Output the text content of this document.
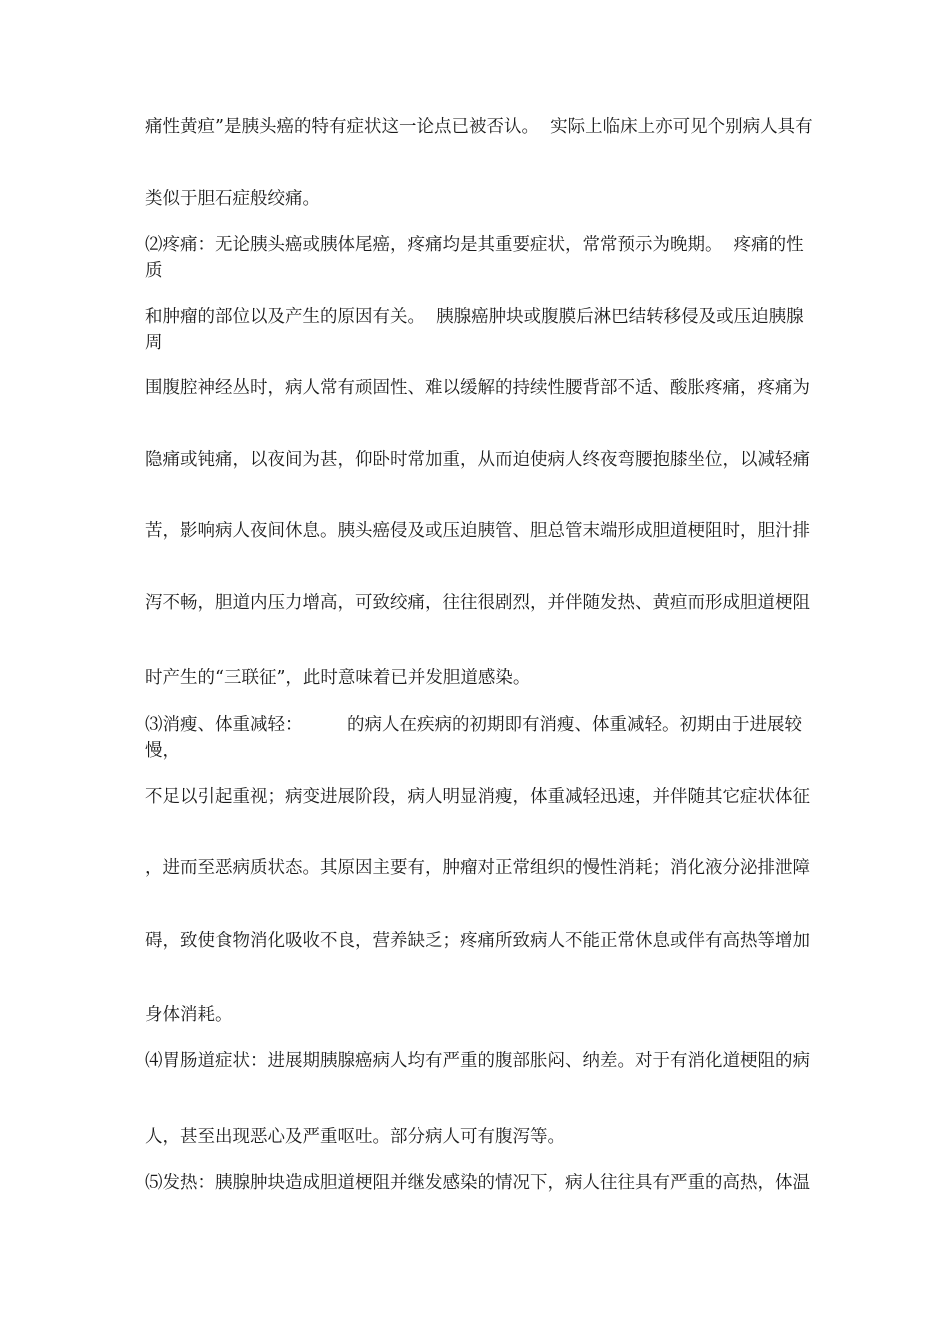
痛性黄疸”是胰头癌的特有症状这一论点已被否认。  实际上临床上亦可见个别病人具有

类似于胆石症般绞痛。

⑵疼痛：无论胰头癌或胰体尾癌，疼痛均是其重要症状，常常预示为晚期。  疼痛的性质

和肿瘤的部位以及产生的原因有关。  胰腺癌肿块或腹膜后淋巴结转移侵及或压迫胰腺周

围腹腔神经丛时，病人常有顽固性、难以缓解的持续性腰背部不适、酸胀疼痛，疼痛为

隐痛或钝痛，以夜间为甚，仰卧时常加重，从而迫使病人终夜弯腰抱膝坐位，以减轻痛

苦，影响病人夜间休息。胰头癌侵及或压迫胰管、胆总管末端形成胆道梗阻时，胆汁排

泻不畅，胆道内压力增高，可致绞痛，往往很剧烈，并伴随发热、黄疸而形成胆道梗阻

时产生的“三联征”，此时意味着已并发胆道感染。

⑶消瘦、体重减轻：        的病人在疾病的初期即有消瘦、体重减轻。初期由于进展较慢，

不足以引起重视；病变进展阶段，病人明显消瘦，体重减轻迅速，并伴随其它症状体征

，进而至恶病质状态。其原因主要有，肿瘤对正常组织的慢性消耗；消化液分泌排泄障

碍，致使食物消化吸收不良，营养缺乏；疼痛所致病人不能正常休息或伴有高热等增加

身体消耗。

⑷胃肠道症状：进展期胰腺癌病人均有严重的腹部胀闷、纳差。对于有消化道梗阻的病

人，甚至出现恶心及严重呕吐。部分病人可有腹泻等。

⑸发热：胰腺肿块造成胆道梗阻并继发感染的情况下，病人往往具有严重的高热，体温
